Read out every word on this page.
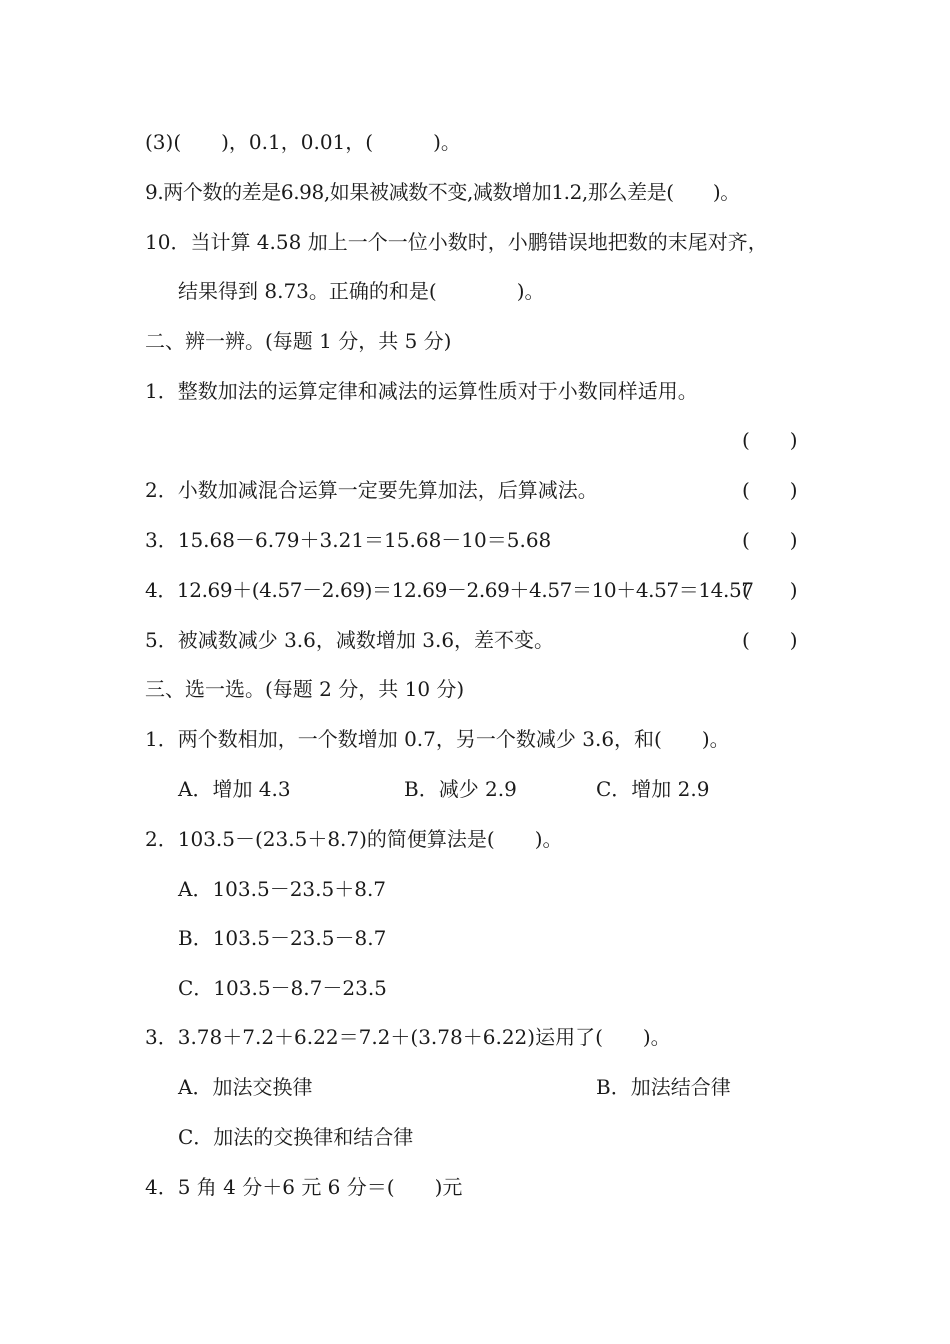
(3)(　　)，0.1，0.01，(　　　)。
9.两个数的差是6.98,如果被减数不变,减数增加1.2,那么差是(　　)。
10．当计算 4.58 加上一个一位小数时，小鹏错误地把数的末尾对齐，
结果得到 8.73。正确的和是(　　　　)。
二、辨一辨。(每题 1 分，共 5 分)
1．整数加法的运算定律和减法的运算性质对于小数同样适用。
(　　)
2．小数加减混合运算一定要先算加法，后算减法。	(　　)
3．15.68－6.79＋3.21＝15.68－10＝5.68	(　　)
4．12.69＋(4.57－2.69)＝12.69－2.69＋4.57＝10＋4.57＝14.57
(　　)
5．被减数减少 3.6，减数增加 3.6，差不变。	(　　)
三、选一选。(每题 2 分，共 10 分)
1．两个数相加，一个数增加 0.7，另一个数减少 3.6，和(　　)。
A．增加 4.3	B．减少 2.9	C．增加 2.9
2．103.5－(23.5＋8.7)的简便算法是(　　)。
A．103.5－23.5＋8.7
B．103.5－23.5－8.7
C．103.5－8.7－23.5
3．3.78＋7.2＋6.22＝7.2＋(3.78＋6.22)运用了(　　)。
A．加法交换律	B．加法结合律
C．加法的交换律和结合律
4．5 角 4 分＋6 元 6 分＝(　　)元
